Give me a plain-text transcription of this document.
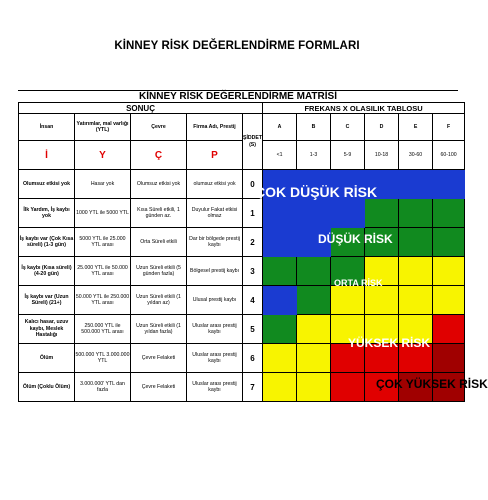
KİNNEY RİSK DEĞERLENDİRME FORMLARI
KİNNEY RİSK DEĞERLENDİRME MATRİSİ
SONUÇ					FREKANS X OLASILIK TABLOSU					
İnsan	Yatırımlar, mal varlığı (YTL)	Çevre	Firma Adı, Prestij	ŞİDDET (S)	A	B	C	D	E	F
					<1	1-3	5-9	10-18	30-60	60-100
İ	Y	Ç	P							
Olumsuz etkisi yok	Hasar yok	Olumsuz etkisi yok	olumsuz etkisi yok	0						
İlk Yardım, İş kaybı yok	1000 YTL ile 5000 YTL	Kısa Süreli etkili, 1 günden az.	Duyulur Fakat etkisi olmaz	1						
İş kaybı var (Çok Kısa süreli) (1-3 gün)	5000 YTL ile 25.000 YTL arası	Orta Süreli etkili	Dar bir bölgede prestij kaybı	2						
İş kaybı (Kısa süreli) (4-20 gün)	25.000 YTL ile 50.000 YTL arası	Uzun Süreli etkili (5 günden fazla)	Bölgesel prestij kaybı	3						
İş kaybı var (Uzun Süreli) (21+)	50.000 YTL ile 250.000 YTL arası	Uzun Süreli etkili (1 yıldan az)	Ulusal prestij kaybı	4						
Kalıcı hasar, uzuv kaybı, Meslek Hastalığı	250.000 YTL ile 500.000 YTL arası	Uzun Süreli etkili (1 yıldan fazla)	Uluslar arası prestij kaybı	5						
Ölüm	500.000 YTL 3.000.000 YTL	Çevre Felaketi	Uluslar arası prestij kaybı	6						
Ölüm (Çoklu Ölüm)	3.000.000' YTL dan fazla	Çevre Felaketi	Uluslar arası prestij kaybı	7						
ÇOK DÜŞÜK RİSK
DÜŞÜK RİSK
ORTA RİSK
YÜKSEK RİSK
ÇOK YÜKSEK RİSK
